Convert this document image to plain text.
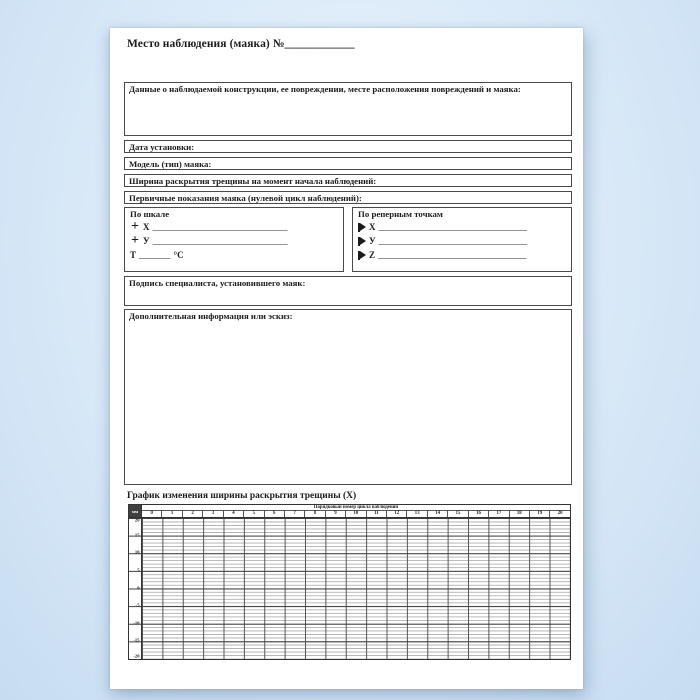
Место наблюдения (маяка) №____________
Данные о наблюдаемой конструкции, ее повреждении, месте расположения повреждений и маяка:
Дата установки:
Модель (тип) маяка:
Ширина раскрытия трещины на момент начала наблюдений:
Первичные показания маяка (нулевой цикл наблюдений):
По шкале
+ X ______________________________
+ У ______________________________
Т _______ °С
По реперным точкам
X _________________________________
У _________________________________
Z _________________________________
Подпись специалиста, установившего маяк:
Дополнительная информация или эскиз:
График изменения ширины раскрытия трещины (X)
мм
Порядковый номер цикла наблюдений
0	1	2	3	4	5	6	7	8	9	10	11	12	13	14	15	16	17	18	19	20
20
15
10
5
0
-5
-10
-15
-20
